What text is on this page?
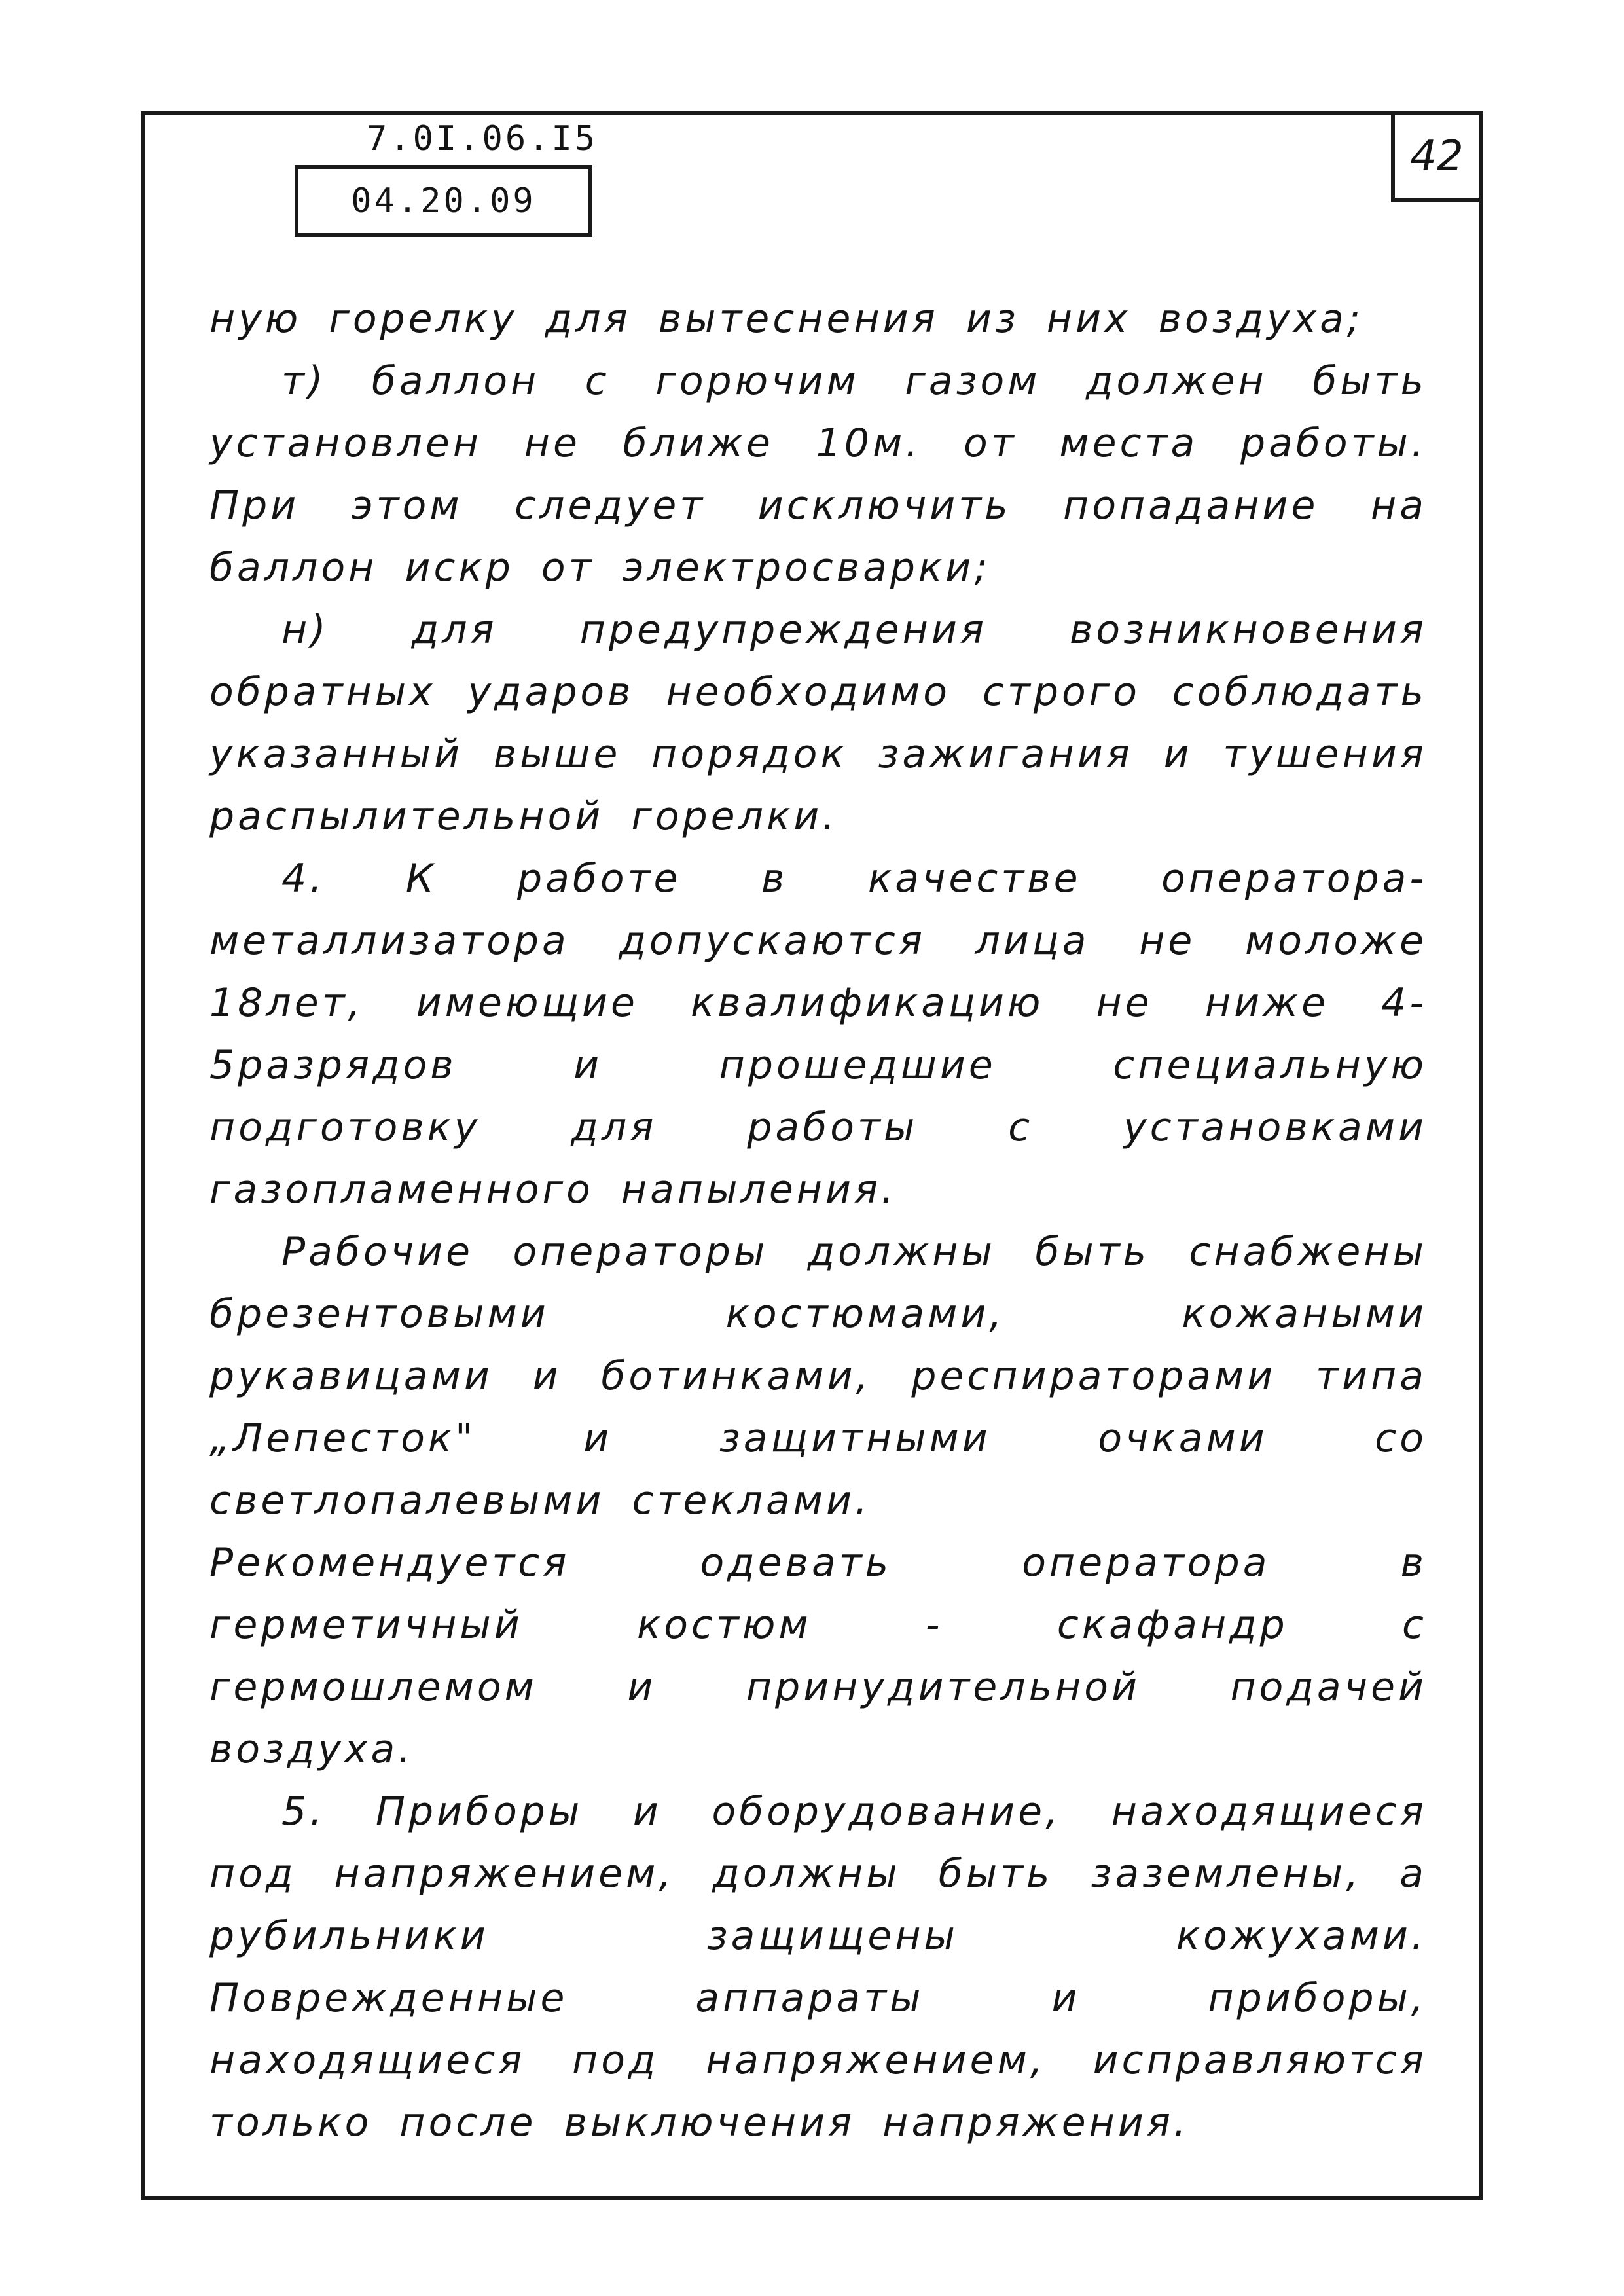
42
7.0I.06.I5
04.20.09

ную горелку для вытеснения из них воздуха;

т) баллон с горючим газом должен быть установлен не ближе 10м. от места работы. При этом следует исключить попадание на баллон искр от электросварки;

н) для предупреждения возникновения обратных ударов необходимо строго соблюдать указанный выше порядок зажигания и тушения распылительной горелки.

4. К работе в качестве оператора-металлизатора допускаются лица не моложе 18лет, имеющие квалификацию не ниже 4-5разрядов и прошедшие специальную подготовку для работы с установками газопламенного напыления.

Рабочие операторы должны быть снабжены брезентовыми костюмами, кожаными рукавицами и ботинками, респираторами типа „Лепесток" и защитными очками со светлопалевыми стеклами.

Рекомендуется одевать оператора в герметичный костюм - скафандр с гермошлемом и принудительной подачей воздуха.

5. Приборы и оборудование, находящиеся под напряжением, должны быть заземлены, а рубильники защищены кожухами. Поврежденные аппараты и приборы, находящиеся под напряжением, исправляются только после выключения напряжения.
